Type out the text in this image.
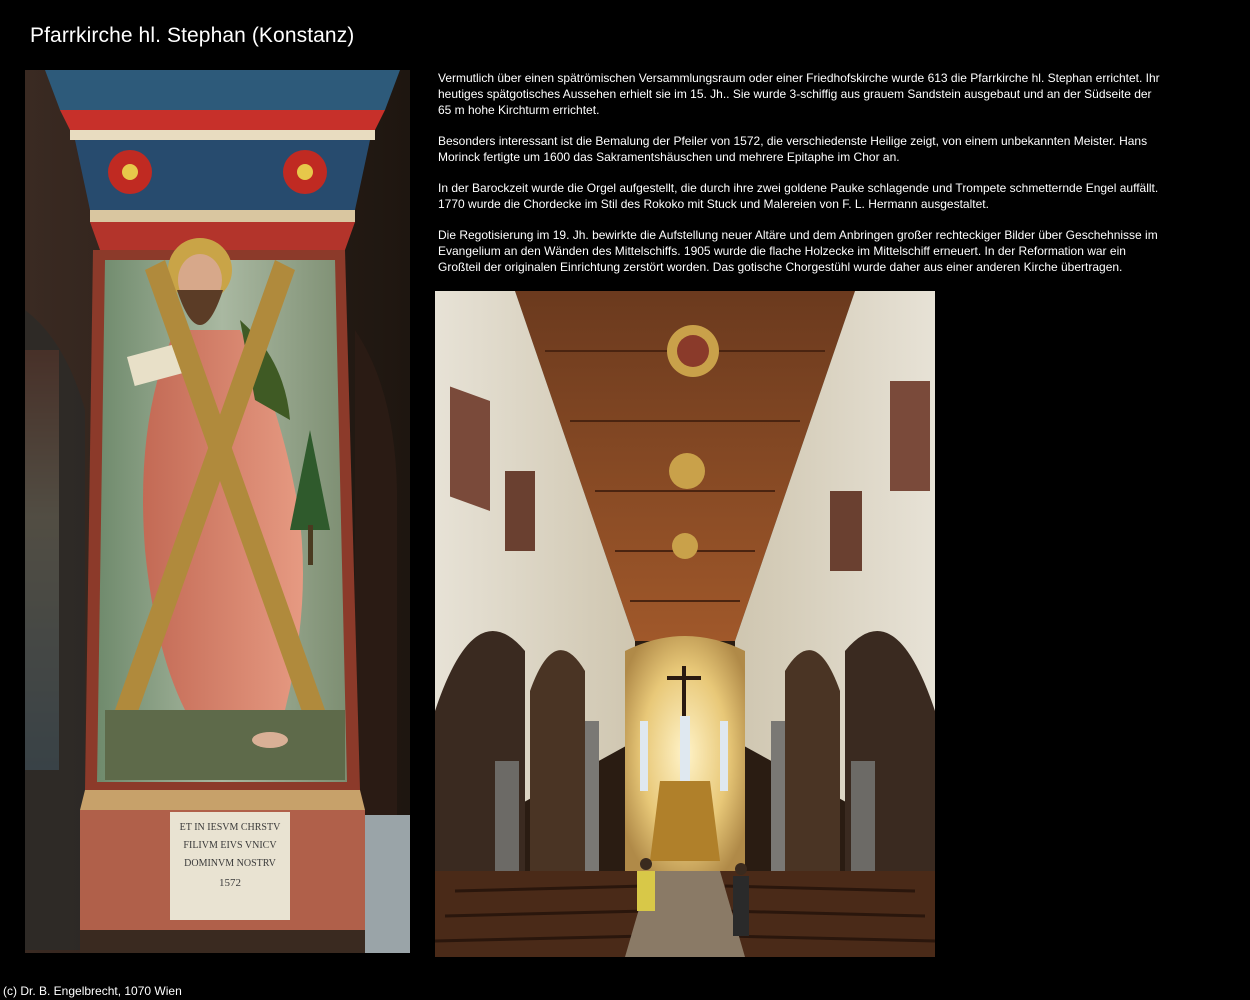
Pfarrkirche hl. Stephan (Konstanz)
ET IN IESVM CHRSTV
FILIVM EIVS VNICV
DOMINVM NOSTRV
1572

Vermutlich über einen spätrömischen Versammlungsraum oder einer Friedhofskirche wurde 613 die Pfarrkirche hl. Stephan errichtet. Ihr heutiges spätgotisches Aussehen erhielt sie im 15. Jh.. Sie wurde 3-schiffig aus grauem Sandstein ausgebaut und an der Südseite der 65 m hohe Kirchturm errichtet.

Besonders interessant ist die Bemalung der Pfeiler von 1572, die verschiedenste Heilige zeigt, von einem unbekannten Meister. Hans Morinck fertigte um 1600 das Sakramentshäuschen und mehrere Epitaphe im Chor an.

In der Barockzeit wurde die Orgel aufgestellt, die durch ihre zwei goldene Pauke schlagende und Trompete schmetternde Engel auffällt. 1770 wurde die Chordecke im Stil des Rokoko mit Stuck und Malereien von F. L. Hermann ausgestaltet.

Die Regotisierung im 19. Jh. bewirkte die Aufstellung neuer Altäre und dem Anbringen großer rechteckiger Bilder über Geschehnisse im Evangelium an den Wänden des Mittelschiffs. 1905 wurde die flache Holzecke im Mittelschiff erneuert. In der Reformation war ein Großteil der originalen Einrichtung zerstört worden. Das gotische Chorgestühl wurde daher aus einer anderen Kirche übertragen.

(c) Dr. B. Engelbrecht, 1070 Wien
